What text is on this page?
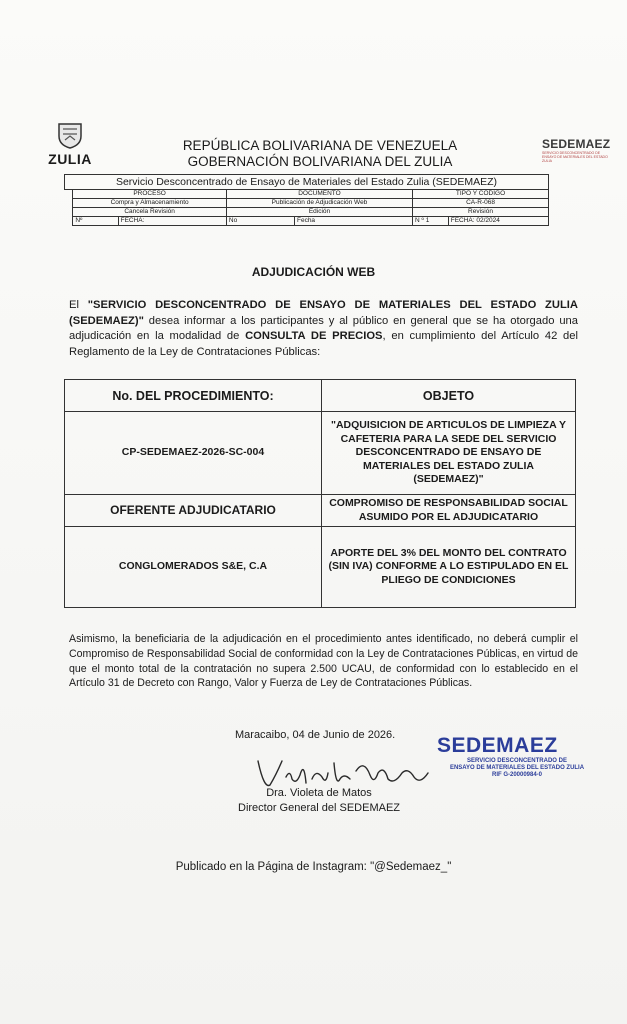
ZULIA
REPÚBLICA BOLIVARIANA DE VENEZUELA
GOBERNACIÓN BOLIVARIANA DEL ZULIA
SEDEMAEZ
SERVICIO DESCONCENTRADO DE ENSAYO DE MATERIALES DEL ESTADO ZULIA
Servicio Desconcentrado de Ensayo de Materiales del Estado Zulia (SEDEMAEZ)						
	PROCESO		DOCUMENTO		TIPO Y CODIGO	
	Compra y Almacenamiento		Publicación de Adjudicación Web		CA-R-068	
	Cancela Revisión		Edición		Revisión	
	Nº	FECHA:	No	Fecha	N º 1	FECHA: 02/2024
ADJUDICACIÓN WEB
El "SERVICIO DESCONCENTRADO DE ENSAYO DE MATERIALES DEL ESTADO ZULIA (SEDEMAEZ)" desea informar a los participantes y al público en general que se ha otorgado una adjudicación en la modalidad de CONSULTA DE PRECIOS, en cumplimiento del Artículo 42 del Reglamento de la Ley de Contrataciones Públicas:
No. DEL PROCEDIMIENTO:	OBJETO
CP-SEDEMAEZ-2026-SC-004	"ADQUISICION DE ARTICULOS DE LIMPIEZA Y CAFETERIA PARA LA SEDE DEL SERVICIO DESCONCENTRADO DE ENSAYO DE MATERIALES DEL ESTADO ZULIA (SEDEMAEZ)"
OFERENTE ADJUDICATARIO	COMPROMISO DE RESPONSABILIDAD SOCIAL ASUMIDO POR EL ADJUDICATARIO
CONGLOMERADOS S&E, C.A	APORTE DEL 3% DEL MONTO DEL CONTRATO (SIN IVA) CONFORME A LO ESTIPULADO EN EL PLIEGO DE CONDICIONES
Asimismo, la beneficiaria de la adjudicación en el procedimiento antes identificado, no deberá cumplir el Compromiso de Responsabilidad Social de conformidad con la Ley de Contrataciones Públicas, en virtud de que el monto total de la contratación no supera 2.500 UCAU, de conformidad con lo establecido en el Artículo 31 de Decreto con Rango, Valor y Fuerza de Ley de Contrataciones Públicas.
Maracaibo, 04 de Junio de 2026.
Dra. Violeta de Matos
Director General del SEDEMAEZ
SEDEMAEZ
SERVICIO DESCONCENTRADO DE
ENSAYO DE MATERIALES DEL ESTADO ZULIA
RIF G-20000984-0
Publicado en la Página de Instagram: "@Sedemaez_"
